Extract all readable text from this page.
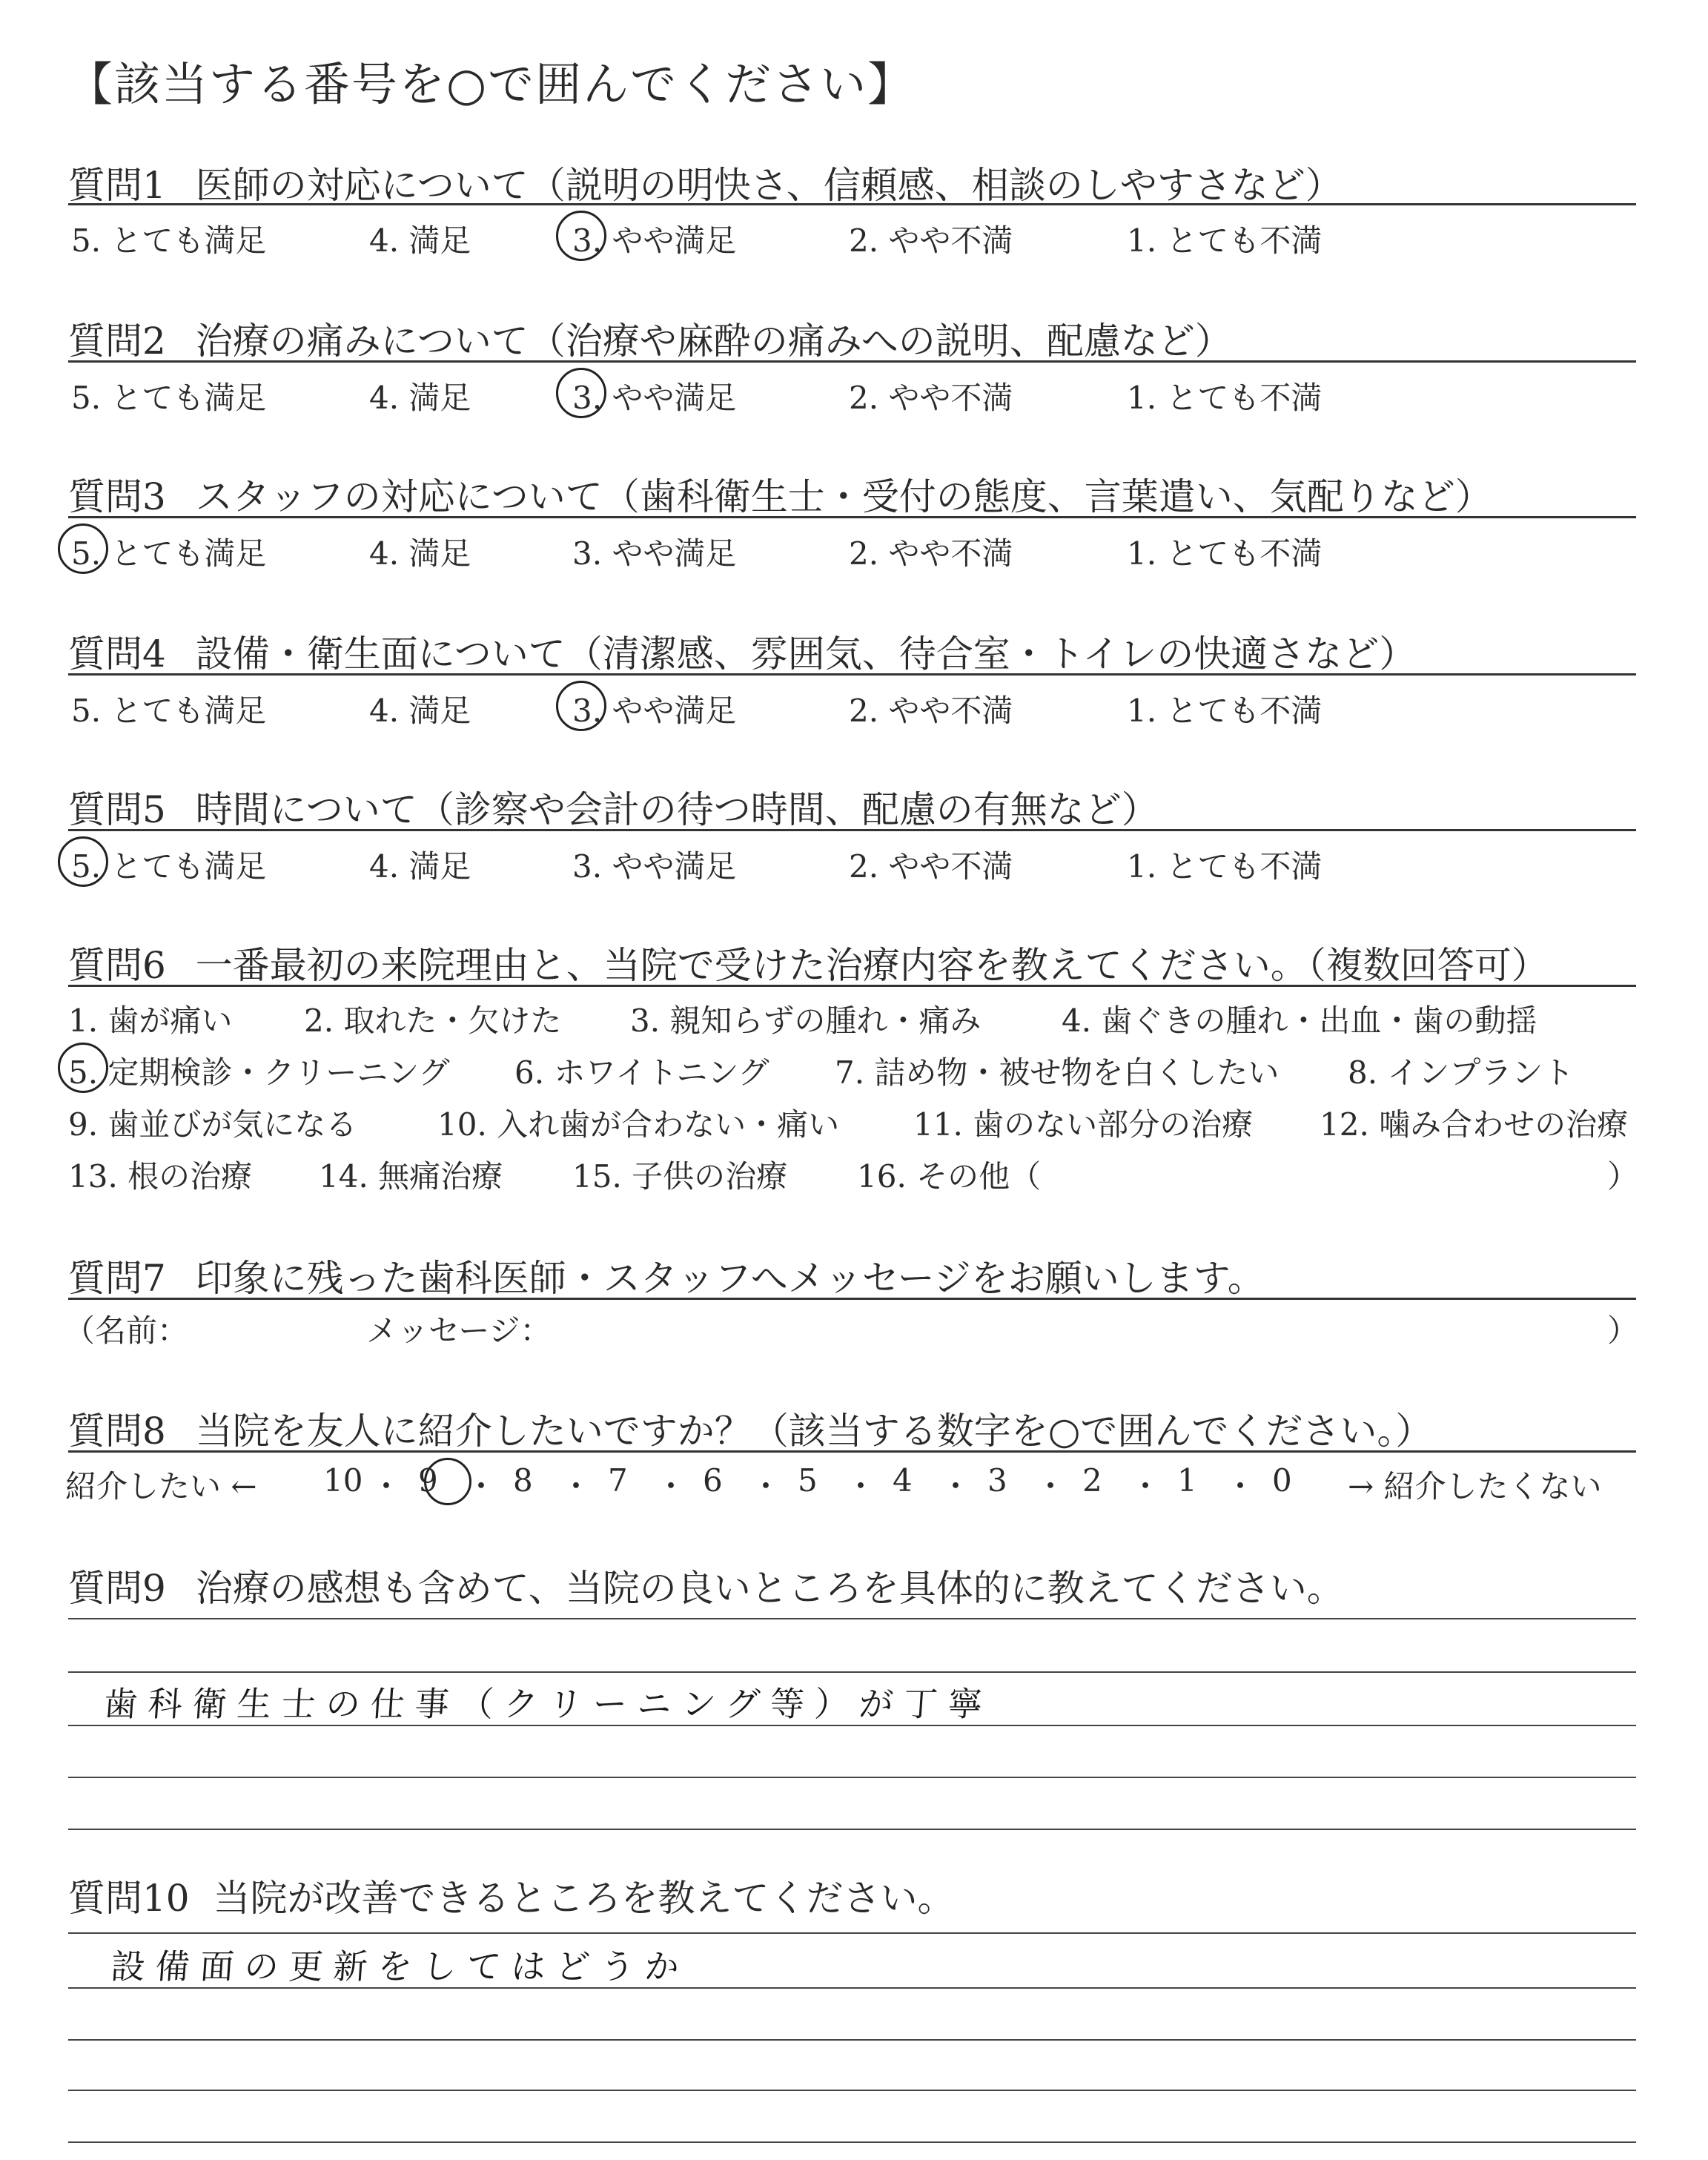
【該当する番号を○で囲んでください】
質問1 医師の対応について（説明の明快さ、信頼感、相談のしやすさなど）
5. とても満足	4. 満足	3. やや満足	2. やや不満	1. とても不満
質問2 治療の痛みについて（治療や麻酔の痛みへの説明、配慮など）
5. とても満足	4. 満足	3. やや満足	2. やや不満	1. とても不満
質問3 スタッフの対応について（歯科衛生士・受付の態度、言葉遣い、気配りなど）
5. とても満足	4. 満足	3. やや満足	2. やや不満	1. とても不満
質問4 設備・衛生面について（清潔感、雰囲気、待合室・トイレの快適さなど）
5. とても満足	4. 満足	3. やや満足	2. やや不満	1. とても不満
質問5 時間について（診察や会計の待つ時間、配慮の有無など）
5. とても満足	4. 満足	3. やや満足	2. やや不満	1. とても不満
質問6 一番最初の来院理由と、当院で受けた治療内容を教えてください。（複数回答可）
1. 歯が痛い 2. 取れた・欠けた 3. 親知らずの腫れ・痛み	4. 歯ぐきの腫れ・出血・歯の動揺
5. 定期検診・クリーニング 6. ホワイトニング 7. 詰め物・被せ物を白くしたい 8. インプラント
9. 歯並びが気になる	10. 入れ歯が合わない・痛い 11. 歯のない部分の治療 12. 噛み合わせの治療
13. 根の治療 14. 無痛治療 15. 子供の治療 16. その他（	）
質問7 印象に残った歯科医師・スタッフへメッセージをお願いします。
（名前：	メッセージ：	）
質問8 当院を友人に紹介したいですか？（該当する数字を○で囲んでください。）
紹介したい ←	→ 紹介したくない
10 ・ 9 ・ 8 ・ 7 ・ 6 ・ 5 ・ 4 ・ 3 ・ 2 ・ 1 ・ 0
質問9 治療の感想も含めて、当院の良いところを具体的に教えてください。
歯科衛生士の仕事（クリーニング等）が丁寧
質問10 当院が改善できるところを教えてください。
設備面の更新をしてはどうか
